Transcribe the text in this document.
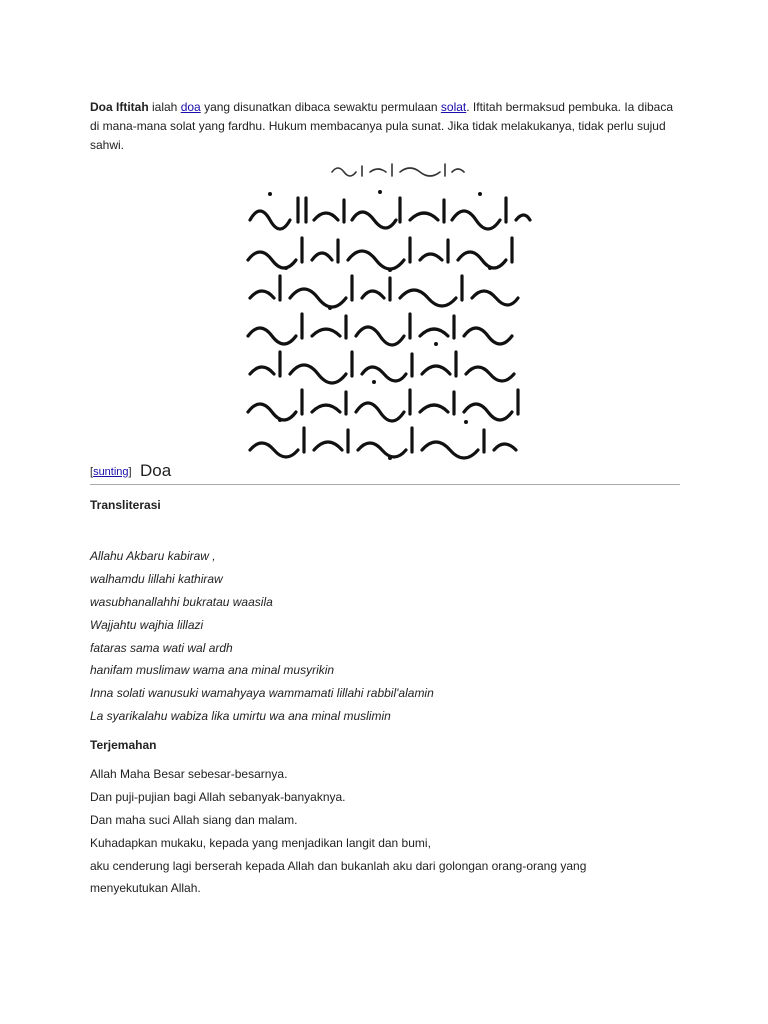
Doa Iftitah ialah doa yang disunatkan dibaca sewaktu permulaan solat. Iftitah bermaksud pembuka. Ia dibaca di mana-mana solat yang fardhu. Hukum membacanya pula sunat. Jika tidak melakukanya, tidak perlu sujud sahwi.

[sunting] Doa
Transliterasi
Allahu Akbaru kabiraw ,
walhamdu lillahi kathiraw
wasubhanallahhi bukratau waasila
Wajjahtu wajhia lillazi
fataras sama wati wal ardh
hanifam muslimaw wama ana minal musyrikin
Inna solati wanusuki wamahyaya wammamati lillahi rabbil'alamin
La syarikalahu wabiza lika umirtu wa ana minal muslimin
Terjemahan
Allah Maha Besar sebesar-besarnya.
Dan puji-pujian bagi Allah sebanyak-banyaknya.
Dan maha suci Allah siang dan malam.
Kuhadapkan mukaku, kepada yang menjadikan langit dan bumi,
aku cenderung lagi berserah kepada Allah dan bukanlah aku dari golongan orang-orang yang
menyekutukan Allah.
